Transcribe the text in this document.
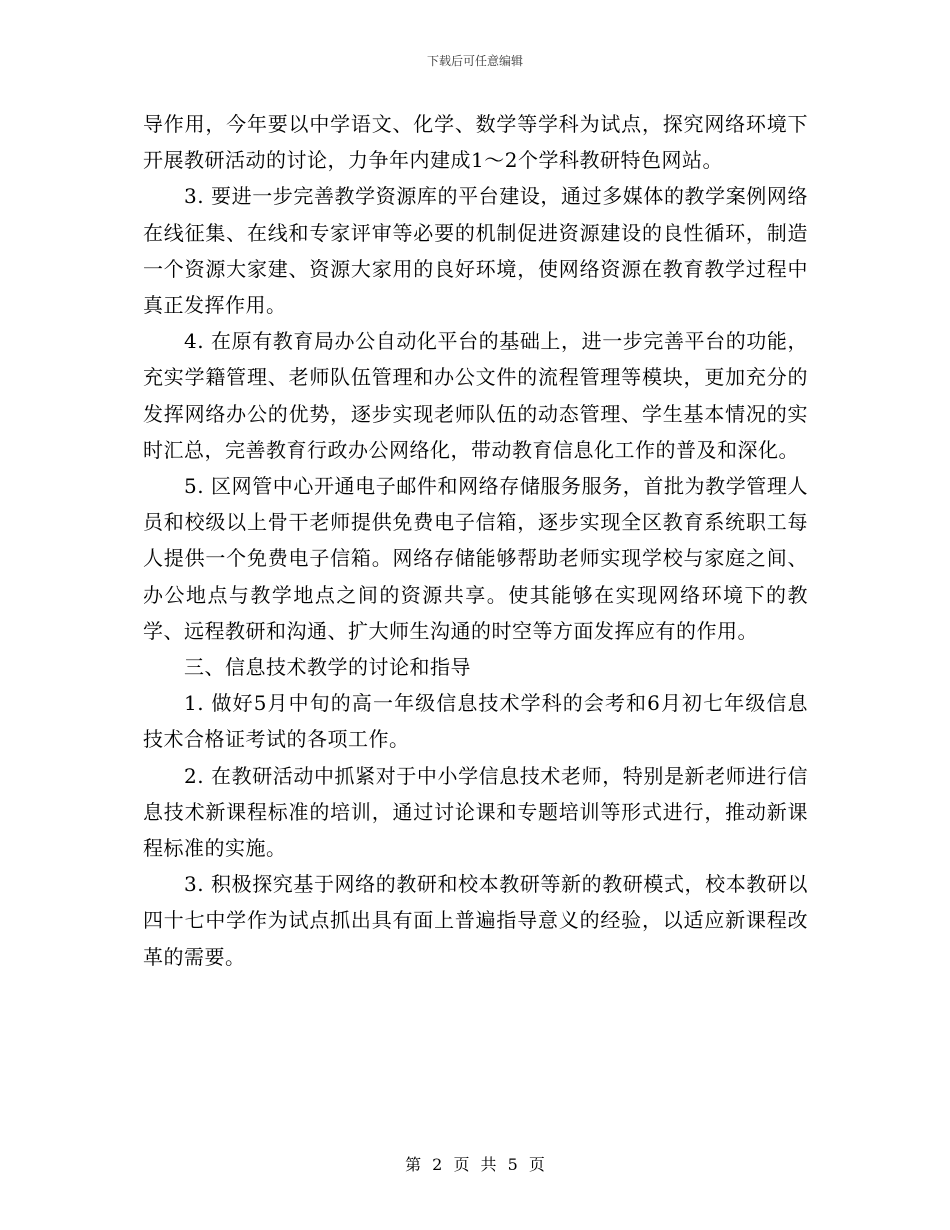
下载后可任意编辑

导作用，今年要以中学语文、化学、数学等学科为试点，探究网络环境下开展教研活动的讨论，力争年内建成1～2个学科教研特色网站。

3. 要进一步完善教学资源库的平台建设，通过多媒体的教学案例网络在线征集、在线和专家评审等必要的机制促进资源建设的良性循环，制造一个资源大家建、资源大家用的良好环境，使网络资源在教育教学过程中真正发挥作用。

4. 在原有教育局办公自动化平台的基础上，进一步完善平台的功能，充实学籍管理、老师队伍管理和办公文件的流程管理等模块，更加充分的发挥网络办公的优势，逐步实现老师队伍的动态管理、学生基本情况的实时汇总，完善教育行政办公网络化，带动教育信息化工作的普及和深化。

5. 区网管中心开通电子邮件和网络存储服务服务，首批为教学管理人员和校级以上骨干老师提供免费电子信箱，逐步实现全区教育系统职工每人提供一个免费电子信箱。网络存储能够帮助老师实现学校与家庭之间、办公地点与教学地点之间的资源共享。使其能够在实现网络环境下的教学、远程教研和沟通、扩大师生沟通的时空等方面发挥应有的作用。

三、信息技术教学的讨论和指导

1. 做好5月中旬的高一年级信息技术学科的会考和6月初七年级信息技术合格证考试的各项工作。

2. 在教研活动中抓紧对于中小学信息技术老师，特别是新老师进行信息技术新课程标准的培训，通过讨论课和专题培训等形式进行，推动新课程标准的实施。

3. 积极探究基于网络的教研和校本教研等新的教研模式，校本教研以四十七中学作为试点抓出具有面上普遍指导意义的经验，以适应新课程改革的需要。

第 2 页 共 5 页
